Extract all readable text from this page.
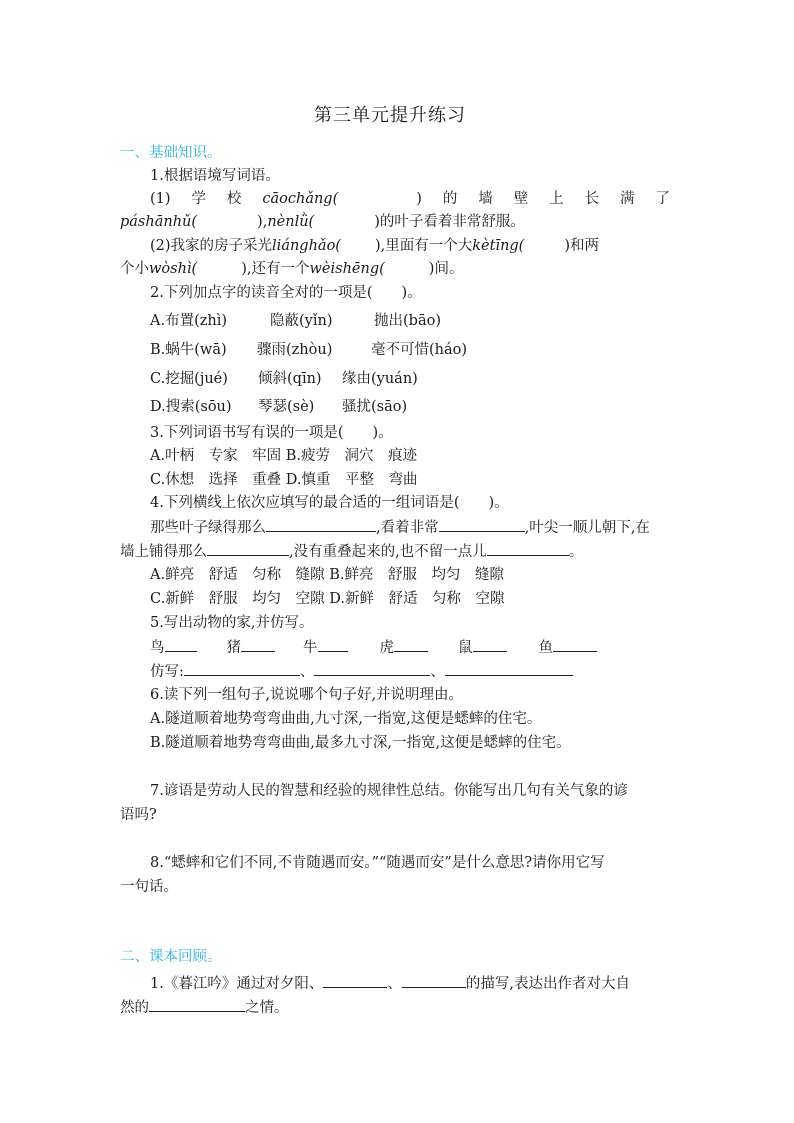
第三单元提升练习
一、基础知识。
1.根据语境写词语。
(1) 学 校 cāochǎng(	) 的 墙 壁 上 长 满 了
páshānhǔ(	),nènlǜ(	)的叶子看着非常舒服。
(2)我家的房子采光liánghǎo( ),里面有一个大kètīng(	)和两
个小wòshì(	),还有一个wèishēng(	)间。
2.下列加点字的读音全对的一项是(　　)。
A.布置(zhì)	隐蔽(yǐn)	抛出(bāo)
B.蜗牛(wā) 骤雨(zhòu)	毫不可惜(háo)
C.挖掘(jué) 倾斜(qīn) 缘由(yuán)
D.搜索(sōu) 琴瑟(sè) 骚扰(sāo)
3.下列词语书写有误的一项是(　　)。
A.叶柄　专家　牢固 B.疲劳　洞穴　痕迹
C.休想　选择　重叠 D.慎重　平整　弯曲
4.下列横线上依次应填写的最合适的一组词语是(　　)。
那些叶子绿得那么	,看着非常	,叶尖一顺儿朝下,在
墙上铺得那么	,没有重叠起来的,也不留一点儿	。
A.鲜亮　舒适　匀称　缝隙 B.鲜亮　舒服　均匀　缝隙
C.新鲜　舒服　均匀　空隙 D.新鲜　舒适　匀称　空隙
5.写出动物的家,并仿写。
鸟	猪	牛	虎	鼠	鱼
仿写:	、	、
6.读下列一组句子,说说哪个句子好,并说明理由。
A.隧道顺着地势弯弯曲曲,九寸深,一指宽,这便是蟋蟀的住宅。
B.隧道顺着地势弯弯曲曲,最多九寸深,一指宽,这便是蟋蟀的住宅。
7.谚语是劳动人民的智慧和经验的规律性总结。你能写出几句有关气象的谚
语吗?
8.“蟋蟀和它们不同,不肯随遇而安。”“随遇而安”是什么意思?请你用它写
一句话。
二、课本回顾。
1.《暮江吟》通过对夕阳、	、	的描写,表达出作者对大自
然的	之情。
